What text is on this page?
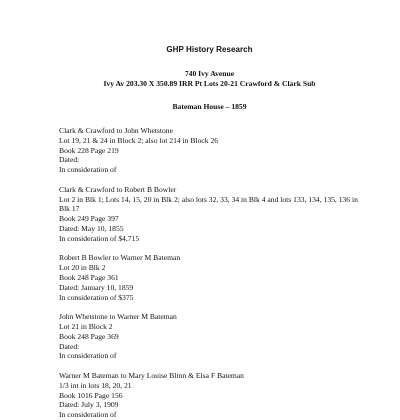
GHP History Research

740 Ivy Avenue

Ivy Av 203.30 X 350.89 IRR Pt Lots 20-21 Crawford & Clark Sub

Bateman House – 1859

Clark & Crawford to John Whetstone
Lot 19, 21 & 24 in Block 2; also lot 214 in Block 26
Book 228 Page 219
Dated:
In consideration of
Clark & Crawford to Robert B Bowler
Lot 2 in Blk 1; Lots 14, 15, 20 in Blk 2; also lots 32, 33, 34 in Blk 4 and lots 133, 134, 135, 136 in Blk 17
Book 249 Page 397
Dated: May 10, 1855
In consideration of $4,715
Robert B Bowler to Warner M Bateman
Lot 20 in Blk 2
Book 248 Page 361
Dated: January 10, 1859
In consideration of $375
John Whetstone to Warner M Bateman
Lot 21 in Block 2
Book 248 Page 369
Dated:
In consideration of
Warner M Bateman to Mary Louise Blinn & Elsa F Bateman
1/3 int in lots 18, 20, 21
Book 1016 Page 156
Dated: July 3, 1909
In consideration of
